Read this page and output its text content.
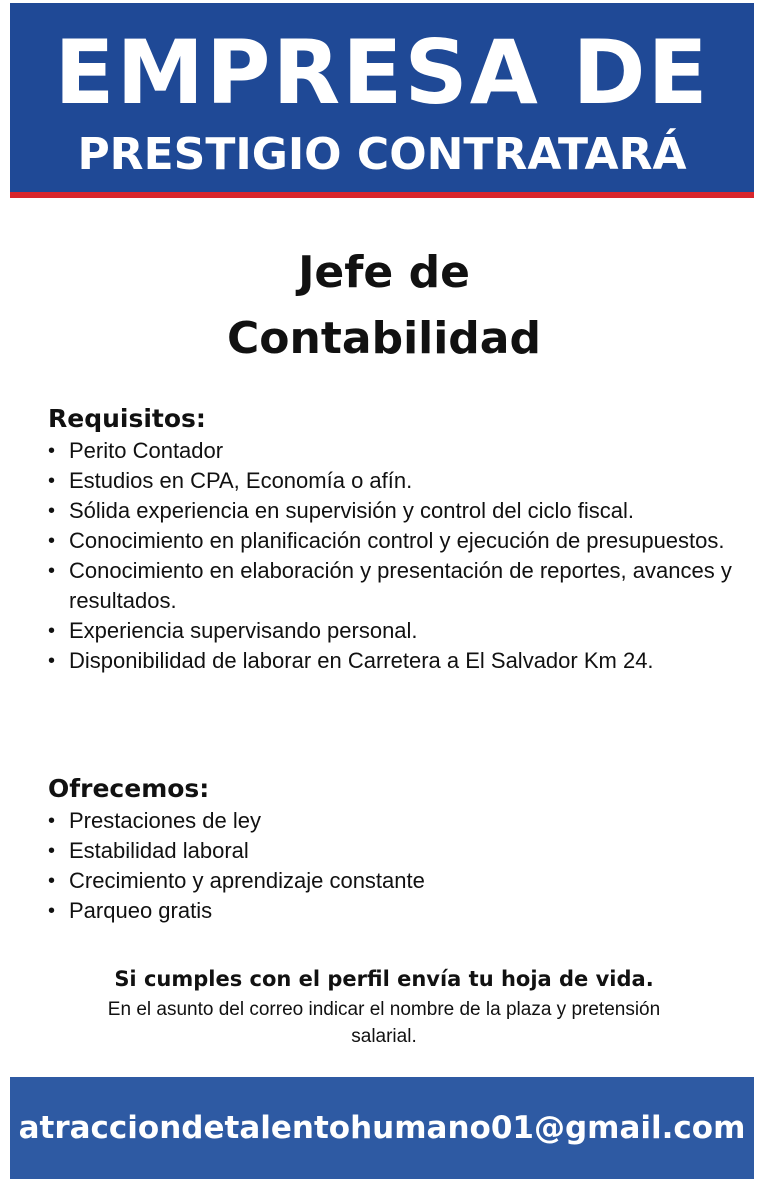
EMPRESA DE
PRESTIGIO CONTRATARÁ
Jefe de
Contabilidad
Requisitos:
• Perito Contador
• Estudios en CPA, Economía o afín.
• Sólida experiencia en supervisión y control del ciclo fiscal.
• Conocimiento en planificación control y ejecución de presupuestos.
• Conocimiento en elaboración y presentación de reportes, avances y resultados.
• Experiencia supervisando personal.
• Disponibilidad de laborar en Carretera a El Salvador Km 24.
Ofrecemos:
• Prestaciones de ley
• Estabilidad laboral
• Crecimiento y aprendizaje constante
• Parqueo gratis
Si cumples con el perfil envía tu hoja de vida.
En el asunto del correo indicar el nombre de la plaza y pretensión salarial.
atracciondetalentohumano01@gmail.com
